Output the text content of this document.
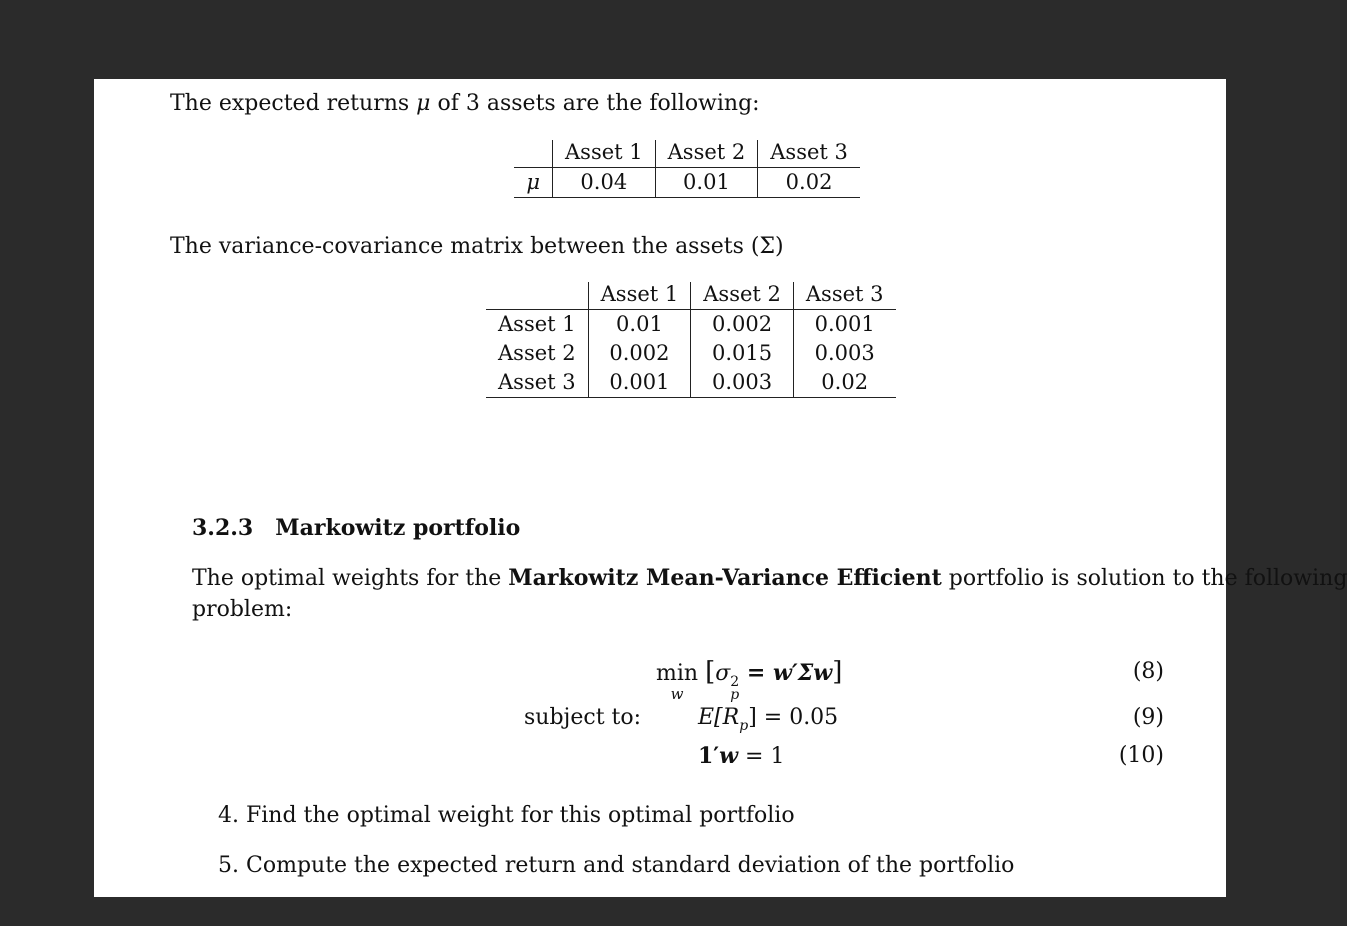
The expected returns μ of 3 assets are the following:
	Asset 1	Asset 2	Asset 3
μ	0.04	0.01	0.02
The variance-covariance matrix between the assets (Σ)
	Asset 1	Asset 2	Asset 3
Asset 1	0.01	0.002	0.001
Asset 2	0.002	0.015	0.003
Asset 3	0.001	0.003	0.02
3.2.3 Markowitz portfolio
The optimal weights for the Markowitz Mean-Variance Efficient portfolio is solution to the following
problem:
min
w
[σ 2
p
= w′Σw]	(8)
subject to:	$E[R_p] = 0.05$	(9)
1′w = 1	(10)
4. Find the optimal weight for this optimal portfolio
5. Compute the expected return and standard deviation of the portfolio
